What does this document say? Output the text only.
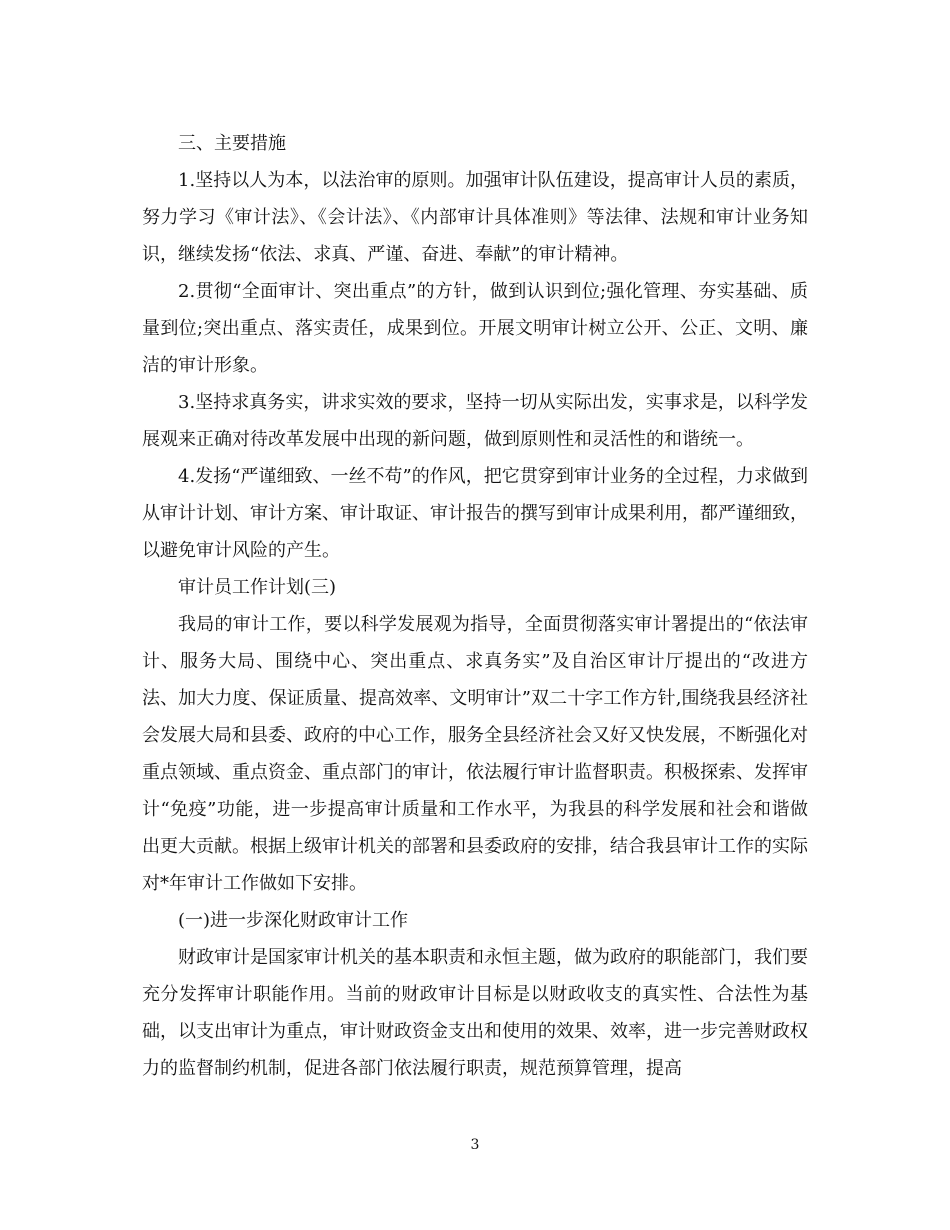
三、主要措施

1.坚持以人为本，以法治审的原则。加强审计队伍建设，提高审计人员的素质，努力学习《审计法》、《会计法》、《内部审计具体准则》等法律、法规和审计业务知识，继续发扬“依法、求真、严谨、奋进、奉献”的审计精神。

2.贯彻“全面审计、突出重点”的方针，做到认识到位;强化管理、夯实基础、质量到位;突出重点、落实责任，成果到位。开展文明审计树立公开、公正、文明、廉洁的审计形象。

3.坚持求真务实，讲求实效的要求，坚持一切从实际出发，实事求是，以科学发展观来正确对待改革发展中出现的新问题，做到原则性和灵活性的和谐统一。

4.发扬“严谨细致、一丝不苟”的作风，把它贯穿到审计业务的全过程，力求做到从审计计划、审计方案、审计取证、审计报告的撰写到审计成果利用，都严谨细致，以避免审计风险的产生。

审计员工作计划(三)

我局的审计工作，要以科学发展观为指导，全面贯彻落实审计署提出的“依法审计、服务大局、围绕中心、突出重点、求真务实”及自治区审计厅提出的“改进方法、加大力度、保证质量、提高效率、文明审计”双二十字工作方针,围绕我县经济社会发展大局和县委、政府的中心工作，服务全县经济社会又好又快发展，不断强化对重点领域、重点资金、重点部门的审计，依法履行审计监督职责。积极探索、发挥审计“免疫”功能，进一步提高审计质量和工作水平，为我县的科学发展和社会和谐做出更大贡献。根据上级审计机关的部署和县委政府的安排，结合我县审计工作的实际对*年审计工作做如下安排。

(一)进一步深化财政审计工作

财政审计是国家审计机关的基本职责和永恒主题，做为政府的职能部门，我们要充分发挥审计职能作用。当前的财政审计目标是以财政收支的真实性、合法性为基础，以支出审计为重点，审计财政资金支出和使用的效果、效率，进一步完善财政权力的监督制约机制，促进各部门依法履行职责，规范预算管理，提高

3
